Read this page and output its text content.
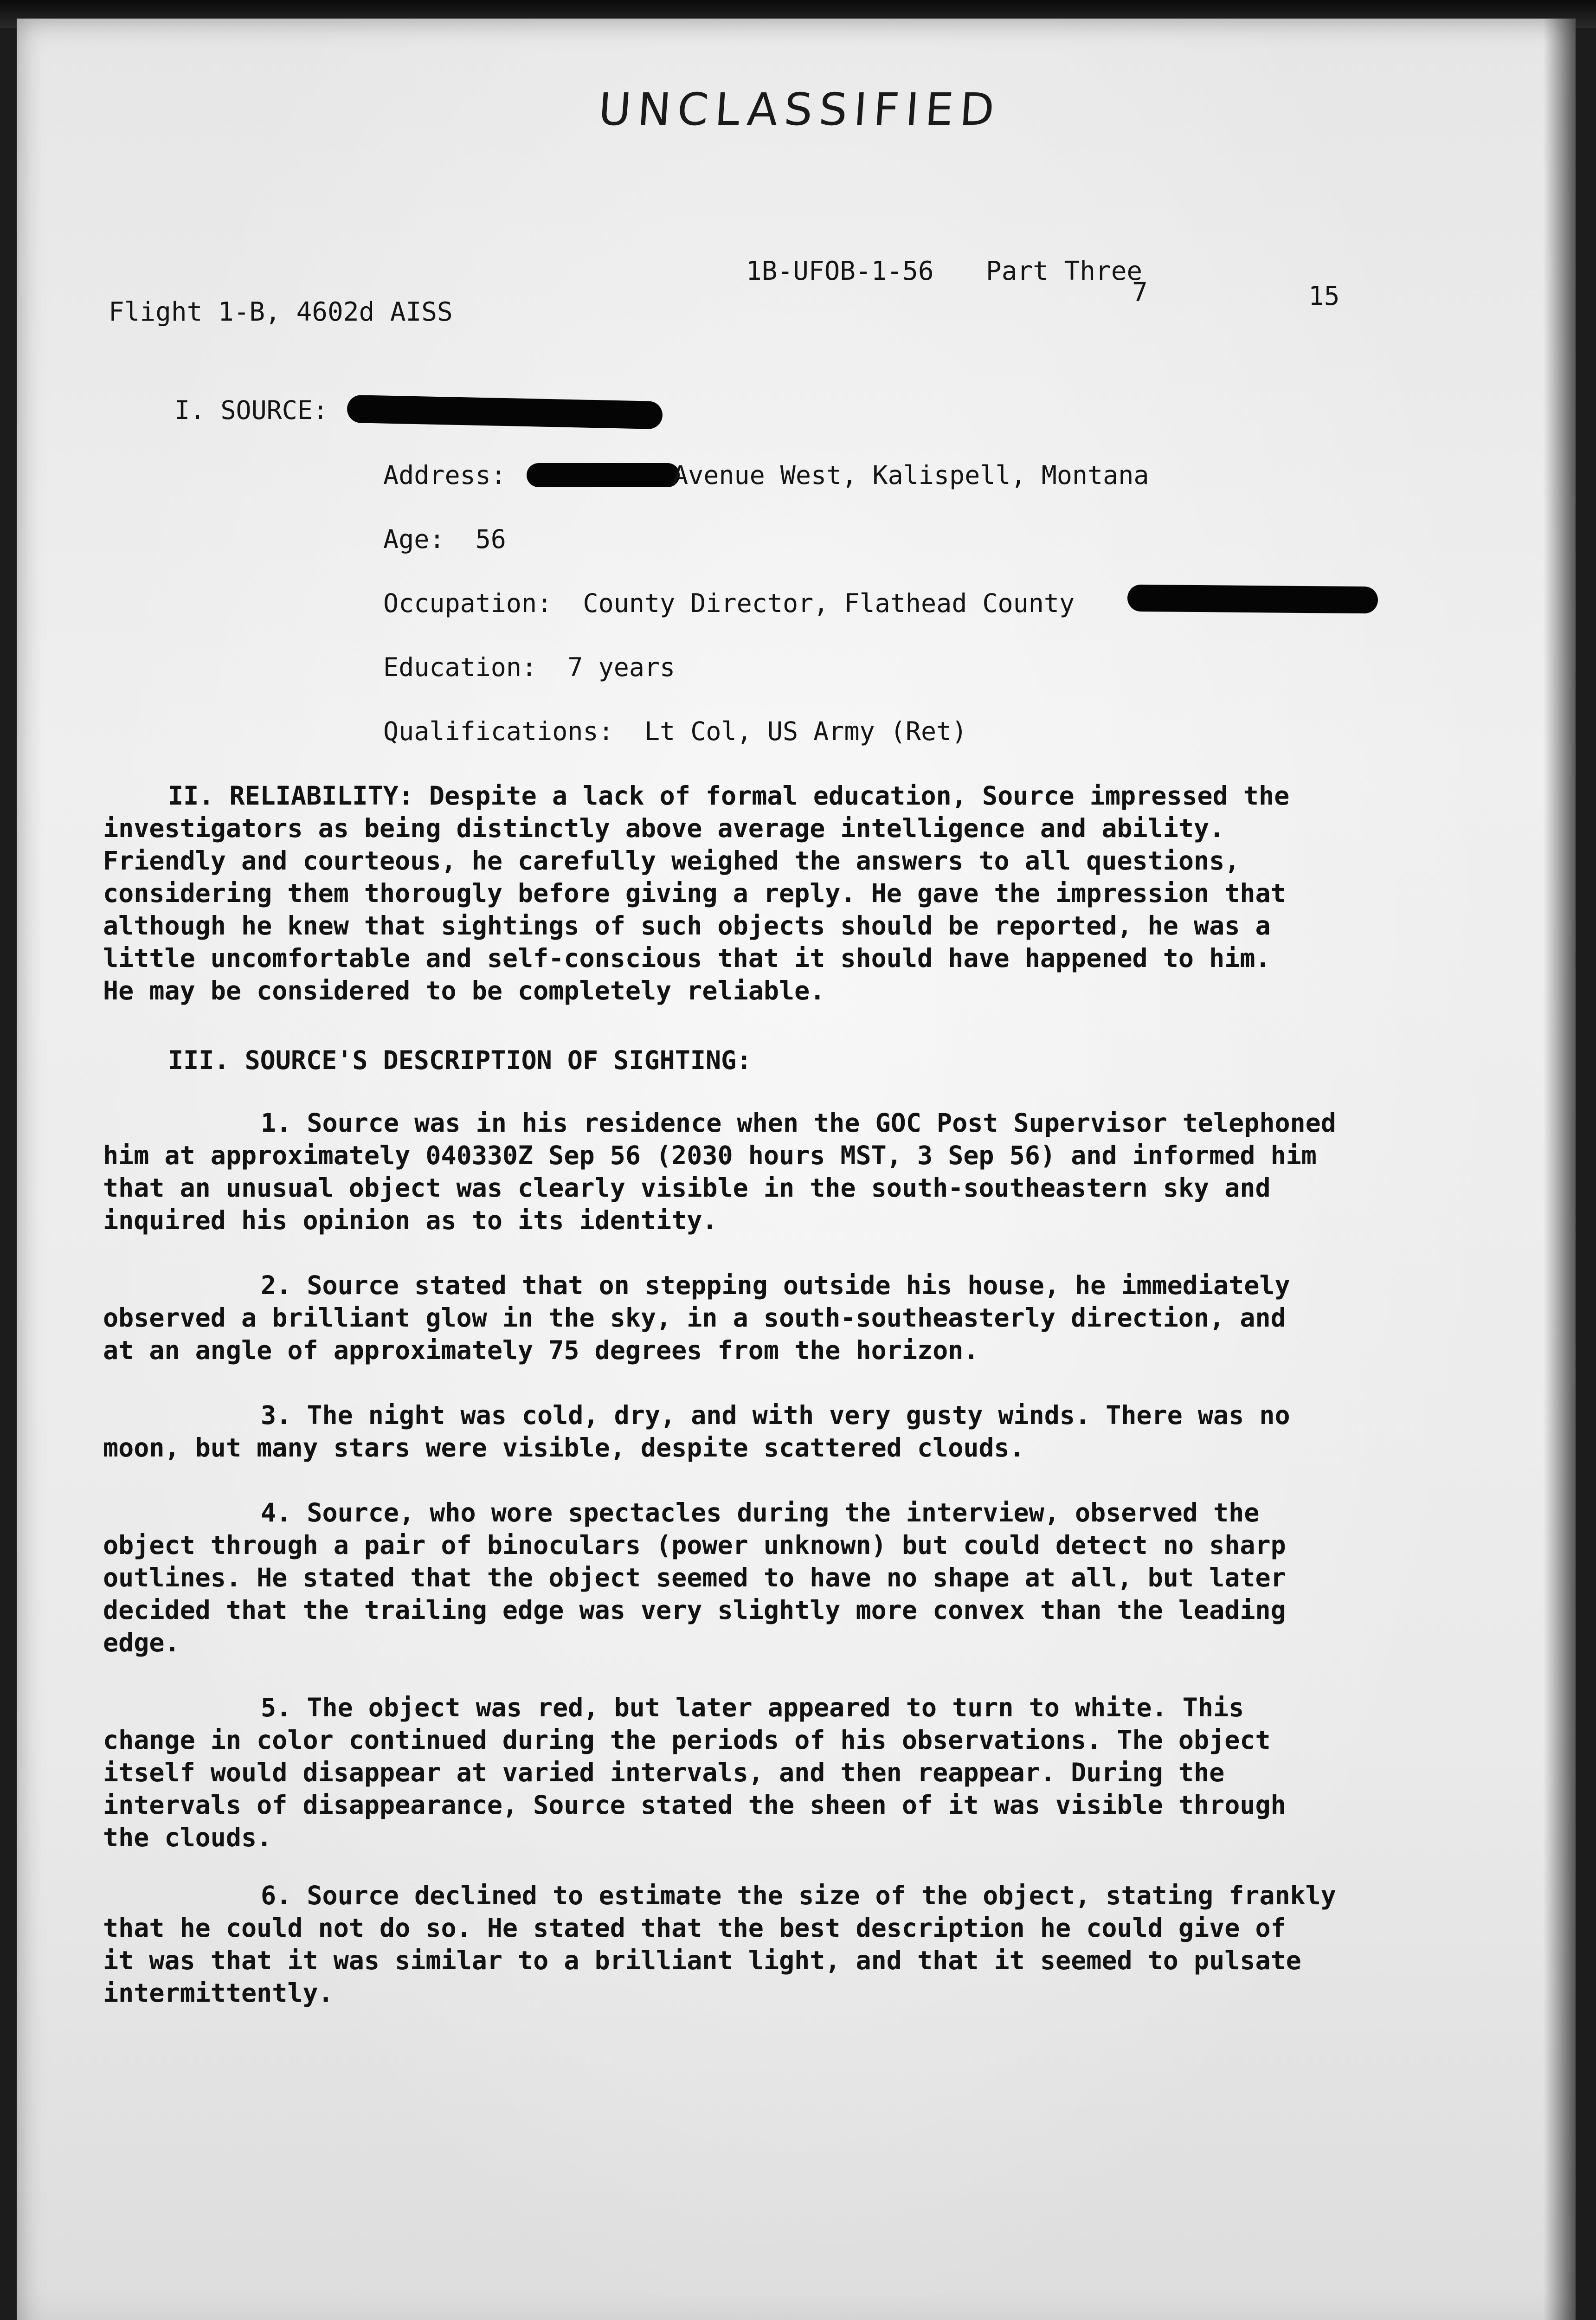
UNCLASSIFIED
Flight 1-B, 4602d AISS
1B-UFOB-1-56 Part Three
7	15
I. SOURCE:
Address:	Avenue West, Kalispell, Montana
Age: 56
Occupation: County Director, Flathead County
Education: 7 years
Qualifications: Lt Col, US Army (Ret)
II. RELIABILITY: Despite a lack of formal education, Source impressed the
investigators as being distinctly above average intelligence and ability.
Friendly and courteous, he carefully weighed the answers to all questions,
considering them thorougly before giving a reply. He gave the impression that
although he knew that sightings of such objects should be reported, he was a
little uncomfortable and self-conscious that it should have happened to him.
He may be considered to be completely reliable.
III. SOURCE'S DESCRIPTION OF SIGHTING:
1. Source was in his residence when the GOC Post Supervisor telephoned
him at approximately 040330Z Sep 56 (2030 hours MST, 3 Sep 56) and informed him
that an unusual object was clearly visible in the south-southeastern sky and
inquired his opinion as to its identity.
2. Source stated that on stepping outside his house, he immediately
observed a brilliant glow in the sky, in a south-southeasterly direction, and
at an angle of approximately 75 degrees from the horizon.
3. The night was cold, dry, and with very gusty winds. There was no
moon, but many stars were visible, despite scattered clouds.
4. Source, who wore spectacles during the interview, observed the
object through a pair of binoculars (power unknown) but could detect no sharp
outlines. He stated that the object seemed to have no shape at all, but later
decided that the trailing edge was very slightly more convex than the leading
edge.
5. The object was red, but later appeared to turn to white. This
change in color continued during the periods of his observations. The object
itself would disappear at varied intervals, and then reappear. During the
intervals of disappearance, Source stated the sheen of it was visible through
the clouds.
6. Source declined to estimate the size of the object, stating frankly
that he could not do so. He stated that the best description he could give of
it was that it was similar to a brilliant light, and that it seemed to pulsate
intermittently.
